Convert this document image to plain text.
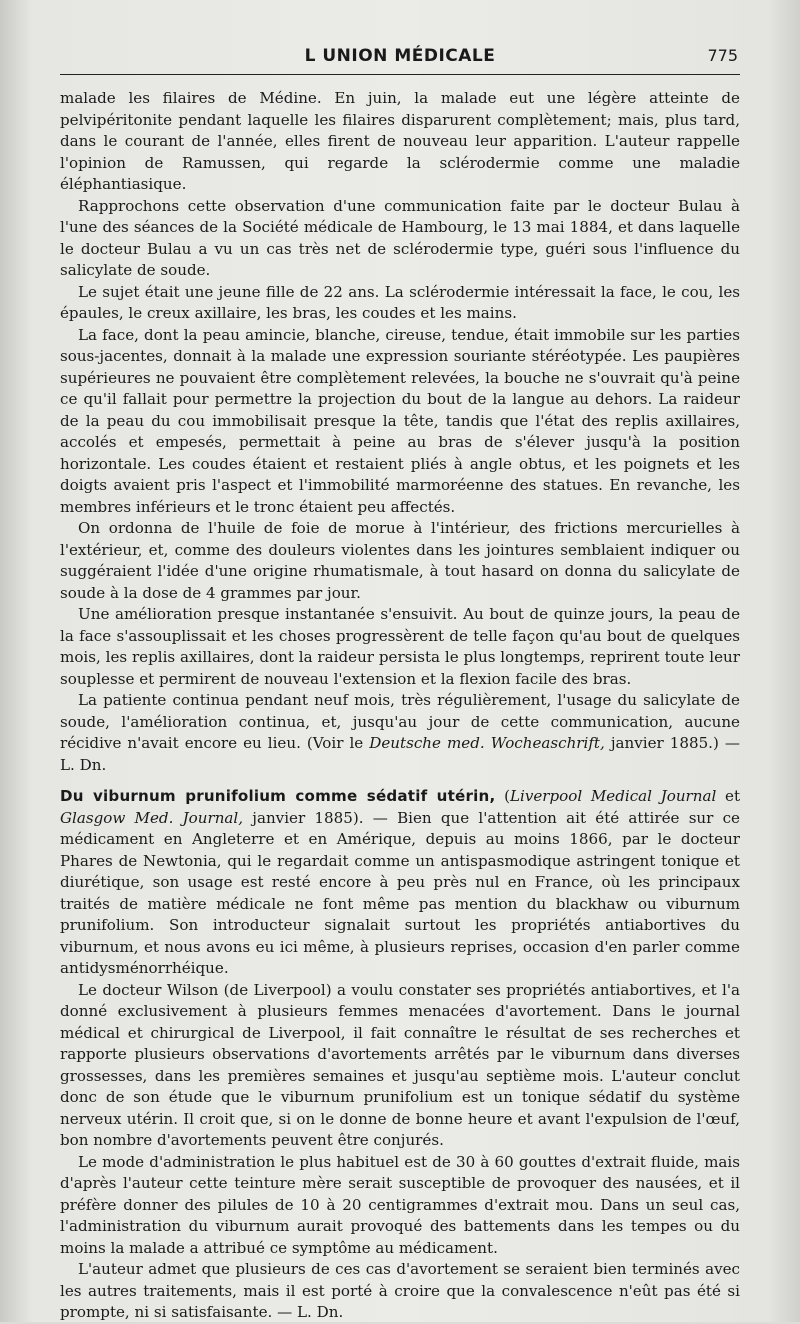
L UNION MÉDICALE	775

malade les filaires de Médine. En juin, la malade eut une légère atteinte de pelvipéritonite pendant laquelle les filaires disparurent complètement; mais, plus tard, dans le courant de l'année, elles firent de nouveau leur apparition. L'auteur rappelle l'opinion de Ramussen, qui regarde la sclérodermie comme une maladie éléphantiasique.

Rapprochons cette observation d'une communication faite par le docteur Bulau à l'une des séances de la Société médicale de Hambourg, le 13 mai 1884, et dans laquelle le docteur Bulau a vu un cas très net de sclérodermie type, guéri sous l'influence du salicylate de soude.

Le sujet était une jeune fille de 22 ans. La sclérodermie intéressait la face, le cou, les épaules, le creux axillaire, les bras, les coudes et les mains.

La face, dont la peau amincie, blanche, cireuse, tendue, était immobile sur les parties sous-jacentes, donnait à la malade une expression souriante stéréotypée. Les paupières supérieures ne pouvaient être complètement relevées, la bouche ne s'ouvrait qu'à peine ce qu'il fallait pour permettre la projection du bout de la langue au dehors. La raideur de la peau du cou immobilisait presque la tête, tandis que l'état des replis axillaires, accolés et empesés, permettait à peine au bras de s'élever jusqu'à la position horizontale. Les coudes étaient et restaient pliés à angle obtus, et les poignets et les doigts avaient pris l'aspect et l'immobilité marmoréenne des statues. En revanche, les membres inférieurs et le tronc étaient peu affectés.

On ordonna de l'huile de foie de morue à l'intérieur, des frictions mercurielles à l'extérieur, et, comme des douleurs violentes dans les jointures semblaient indiquer ou suggéraient l'idée d'une origine rhumatismale, à tout hasard on donna du salicylate de soude à la dose de 4 grammes par jour.

Une amélioration presque instantanée s'ensuivit. Au bout de quinze jours, la peau de la face s'assouplissait et les choses progressèrent de telle façon qu'au bout de quelques mois, les replis axillaires, dont la raideur persista le plus longtemps, reprirent toute leur souplesse et permirent de nouveau l'extension et la flexion facile des bras.

La patiente continua pendant neuf mois, très régulièrement, l'usage du salicylate de soude, l'amélioration continua, et, jusqu'au jour de cette communication, aucune récidive n'avait encore eu lieu. (Voir le Deutsche med. Wocheaschrift, janvier 1885.) — L. Dn.

Du viburnum prunifolium comme sédatif utérin, (Liverpool Medical Journal et Glasgow Med. Journal, janvier 1885). — Bien que l'attention ait été attirée sur ce médicament en Angleterre et en Amérique, depuis au moins 1866, par le docteur Phares de Newtonia, qui le regardait comme un antispasmodique astringent tonique et diurétique, son usage est resté encore à peu près nul en France, où les principaux traités de matière médicale ne font même pas mention du blackhaw ou viburnum prunifolium. Son introducteur signalait surtout les propriétés antiabortives du viburnum, et nous avons eu ici même, à plusieurs reprises, occasion d'en parler comme antidysménorrhéique.

Le docteur Wilson (de Liverpool) a voulu constater ses propriétés antiabortives, et l'a donné exclusivement à plusieurs femmes menacées d'avortement. Dans le journal médical et chirurgical de Liverpool, il fait connaître le résultat de ses recherches et rapporte plusieurs observations d'avortements arrêtés par le viburnum dans diverses grossesses, dans les premières semaines et jusqu'au septième mois. L'auteur conclut donc de son étude que le viburnum prunifolium est un tonique sédatif du système nerveux utérin. Il croit que, si on le donne de bonne heure et avant l'expulsion de l'œuf, bon nombre d'avortements peuvent être conjurés.

Le mode d'administration le plus habituel est de 30 à 60 gouttes d'extrait fluide, mais d'après l'auteur cette teinture mère serait susceptible de provoquer des nausées, et il préfère donner des pilules de 10 à 20 centigrammes d'extrait mou. Dans un seul cas, l'administration du viburnum aurait provoqué des battements dans les tempes ou du moins la malade a attribué ce symptôme au médicament.

L'auteur admet que plusieurs de ces cas d'avortement se seraient bien terminés avec les autres traitements, mais il est porté à croire que la convalescence n'eût pas été si prompte, ni si satisfaisante. — L. Dn.
